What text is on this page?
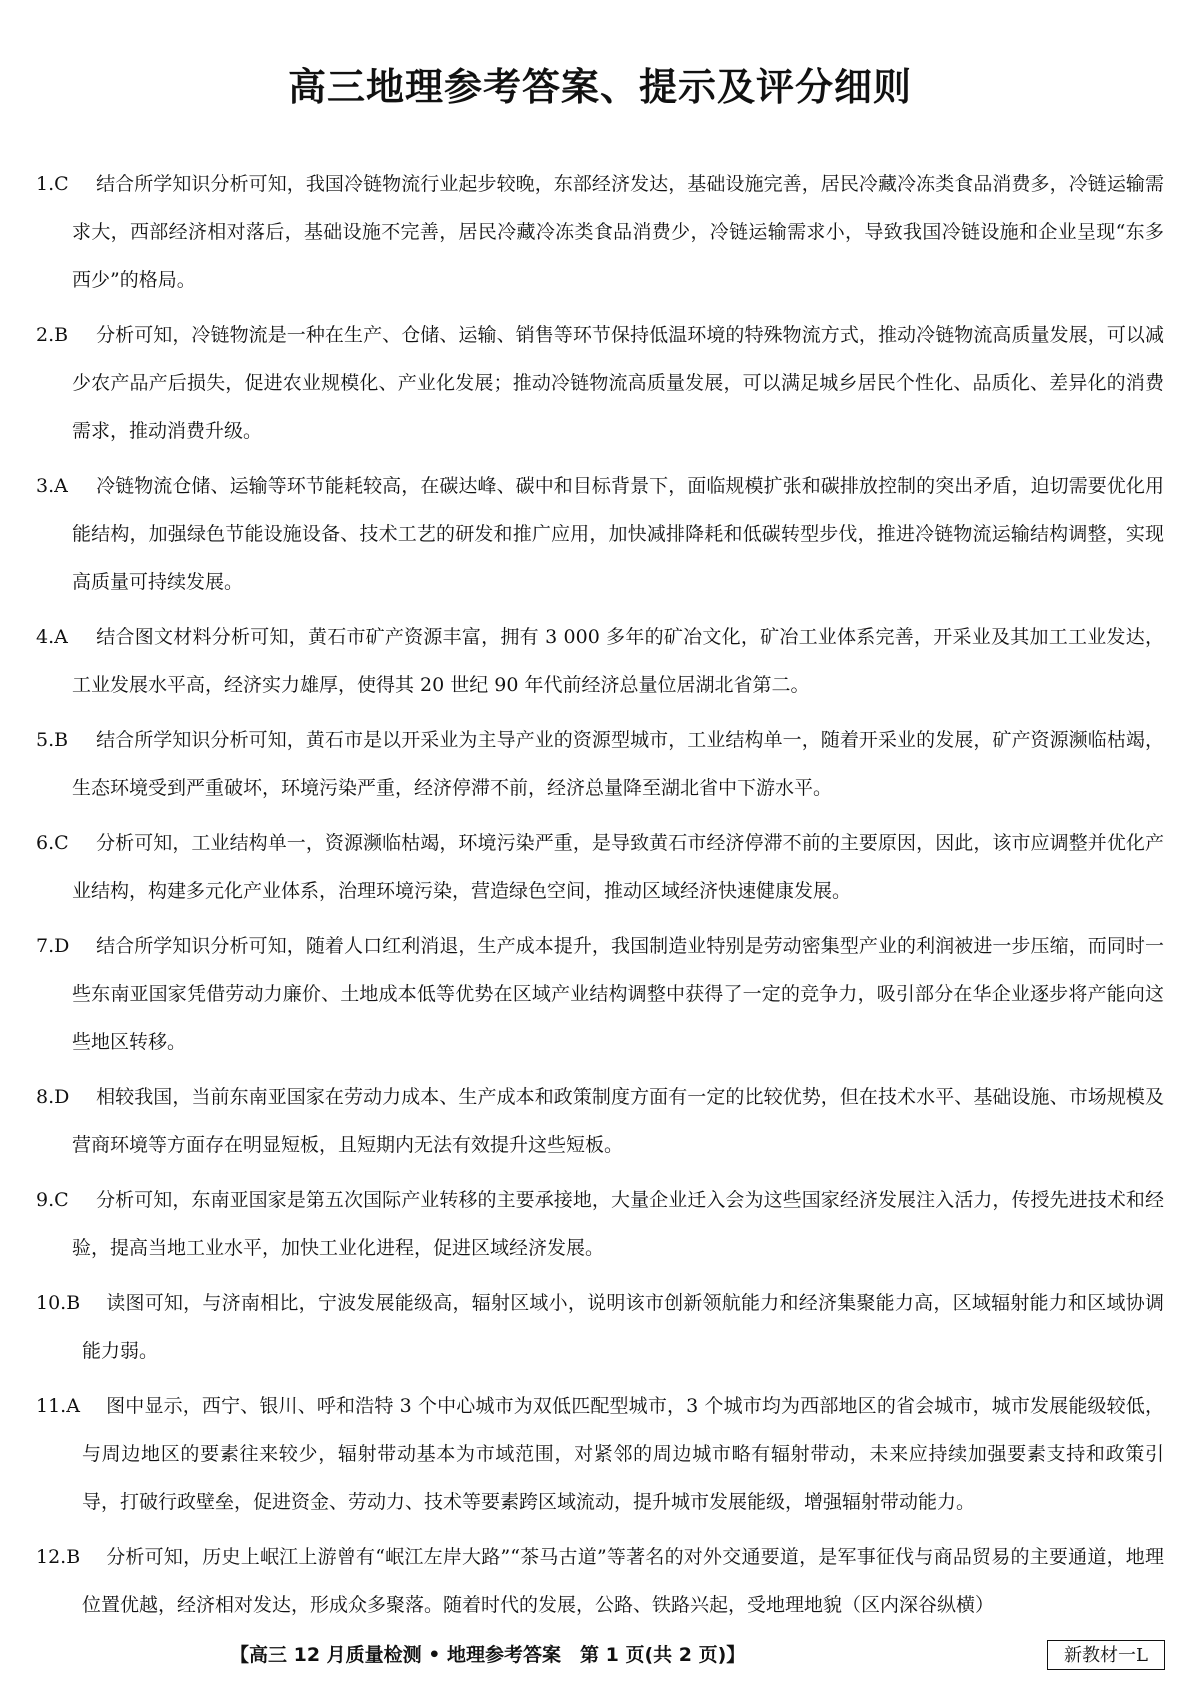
高三地理参考答案、提示及评分细则
1.C 结合所学知识分析可知，我国冷链物流行业起步较晚，东部经济发达，基础设施完善，居民冷藏冷冻类食品消费多，冷链运输需求大，西部经济相对落后，基础设施不完善，居民冷藏冷冻类食品消费少，冷链运输需求小，导致我国冷链设施和企业呈现“东多西少”的格局。
2.B 分析可知，冷链物流是一种在生产、仓储、运输、销售等环节保持低温环境的特殊物流方式，推动冷链物流高质量发展，可以减少农产品产后损失，促进农业规模化、产业化发展；推动冷链物流高质量发展，可以满足城乡居民个性化、品质化、差异化的消费需求，推动消费升级。
3.A 冷链物流仓储、运输等环节能耗较高，在碳达峰、碳中和目标背景下，面临规模扩张和碳排放控制的突出矛盾，迫切需要优化用能结构，加强绿色节能设施设备、技术工艺的研发和推广应用，加快减排降耗和低碳转型步伐，推进冷链物流运输结构调整，实现高质量可持续发展。
4.A 结合图文材料分析可知，黄石市矿产资源丰富，拥有 3 000 多年的矿冶文化，矿冶工业体系完善，开采业及其加工工业发达，工业发展水平高，经济实力雄厚，使得其 20 世纪 90 年代前经济总量位居湖北省第二。
5.B 结合所学知识分析可知，黄石市是以开采业为主导产业的资源型城市，工业结构单一，随着开采业的发展，矿产资源濒临枯竭，生态环境受到严重破坏，环境污染严重，经济停滞不前，经济总量降至湖北省中下游水平。
6.C 分析可知，工业结构单一，资源濒临枯竭，环境污染严重，是导致黄石市经济停滞不前的主要原因，因此，该市应调整并优化产业结构，构建多元化产业体系，治理环境污染，营造绿色空间，推动区域经济快速健康发展。
7.D 结合所学知识分析可知，随着人口红利消退，生产成本提升，我国制造业特别是劳动密集型产业的利润被进一步压缩，而同时一些东南亚国家凭借劳动力廉价、土地成本低等优势在区域产业结构调整中获得了一定的竞争力，吸引部分在华企业逐步将产能向这些地区转移。
8.D 相较我国，当前东南亚国家在劳动力成本、生产成本和政策制度方面有一定的比较优势，但在技术水平、基础设施、市场规模及营商环境等方面存在明显短板，且短期内无法有效提升这些短板。
9.C 分析可知，东南亚国家是第五次国际产业转移的主要承接地，大量企业迁入会为这些国家经济发展注入活力，传授先进技术和经验，提高当地工业水平，加快工业化进程，促进区域经济发展。
10.B 读图可知，与济南相比，宁波发展能级高，辐射区域小，说明该市创新领航能力和经济集聚能力高，区域辐射能力和区域协调能力弱。
11.A 图中显示，西宁、银川、呼和浩特 3 个中心城市为双低匹配型城市，3 个城市均为西部地区的省会城市，城市发展能级较低，与周边地区的要素往来较少，辐射带动基本为市域范围，对紧邻的周边城市略有辐射带动，未来应持续加强要素支持和政策引导，打破行政壁垒，促进资金、劳动力、技术等要素跨区域流动，提升城市发展能级，增强辐射带动能力。
12.B 分析可知，历史上岷江上游曾有“岷江左岸大路”“茶马古道”等著名的对外交通要道，是军事征伐与商品贸易的主要通道，地理位置优越，经济相对发达，形成众多聚落。随着时代的发展，公路、铁路兴起，受地理地貌（区内深谷纵横）
【高三 12 月质量检测 • 地理参考答案　第 1 页(共 2 页)】	新教材一L
